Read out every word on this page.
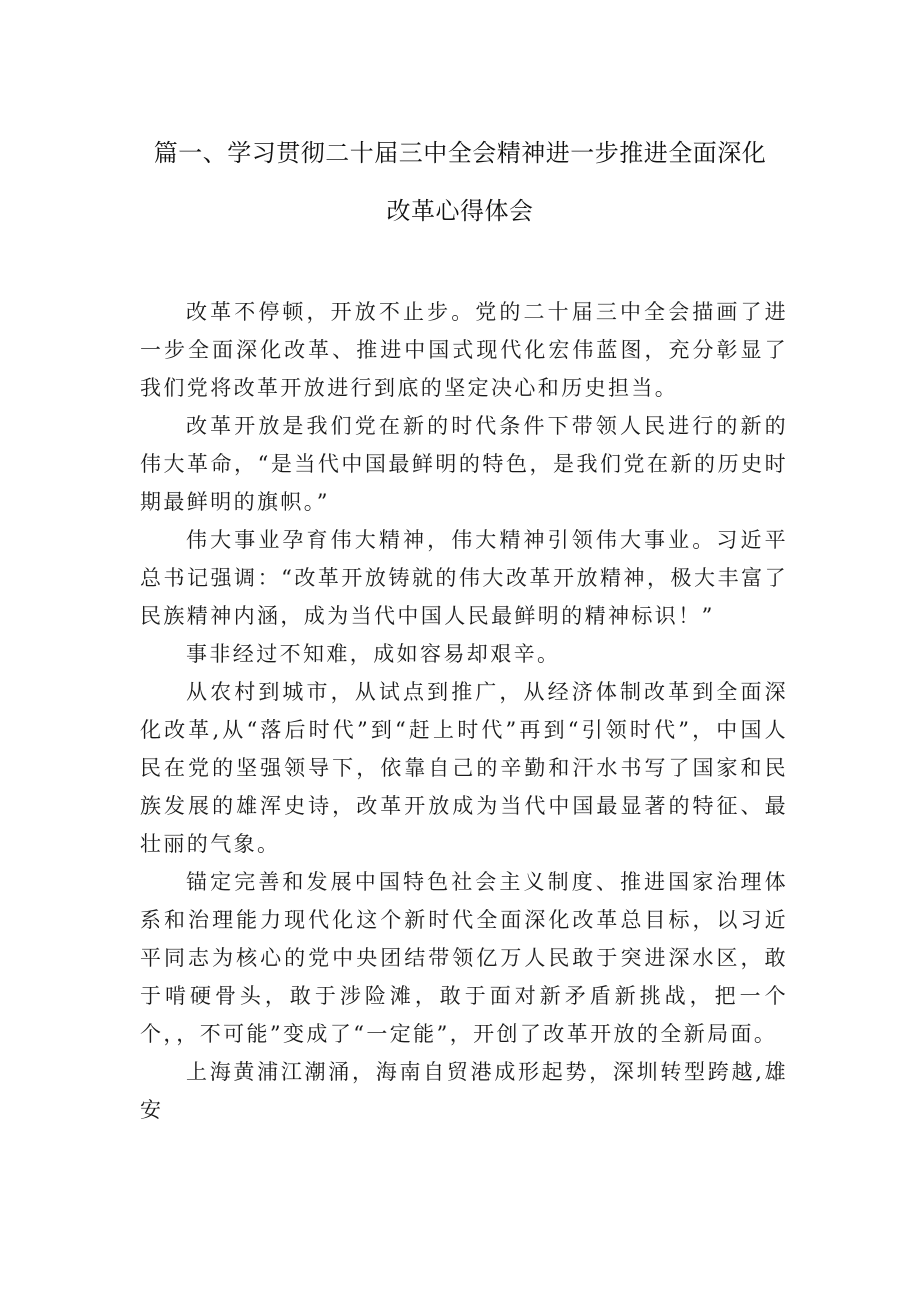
篇一、学习贯彻二十届三中全会精神进一步推进全面深化
改革心得体会

改革不停顿，开放不止步。党的二十届三中全会描画了进一步全面深化改革、推进中国式现代化宏伟蓝图，充分彰显了我们党将改革开放进行到底的坚定决心和历史担当。

改革开放是我们党在新的时代条件下带领人民进行的新的伟大革命，“是当代中国最鲜明的特色，是我们党在新的历史时期最鲜明的旗帜。”

伟大事业孕育伟大精神，伟大精神引领伟大事业。习近平总书记强调：“改革开放铸就的伟大改革开放精神，极大丰富了民族精神内涵，成为当代中国人民最鲜明的精神标识！”

事非经过不知难，成如容易却艰辛。

从农村到城市，从试点到推广，从经济体制改革到全面深化改革,从“落后时代”到“赶上时代”再到“引领时代”，中国人民在党的坚强领导下，依靠自己的辛勤和汗水书写了国家和民族发展的雄浑史诗，改革开放成为当代中国最显著的特征、最壮丽的气象。

锚定完善和发展中国特色社会主义制度、推进国家治理体系和治理能力现代化这个新时代全面深化改革总目标，以习近平同志为核心的党中央团结带领亿万人民敢于突进深水区，敢于啃硬骨头，敢于涉险滩，敢于面对新矛盾新挑战，把一个个，，不可能”变成了“一定能”，开创了改革开放的全新局面。

上海黄浦江潮涌，海南自贸港成形起势，深圳转型跨越,雄安
